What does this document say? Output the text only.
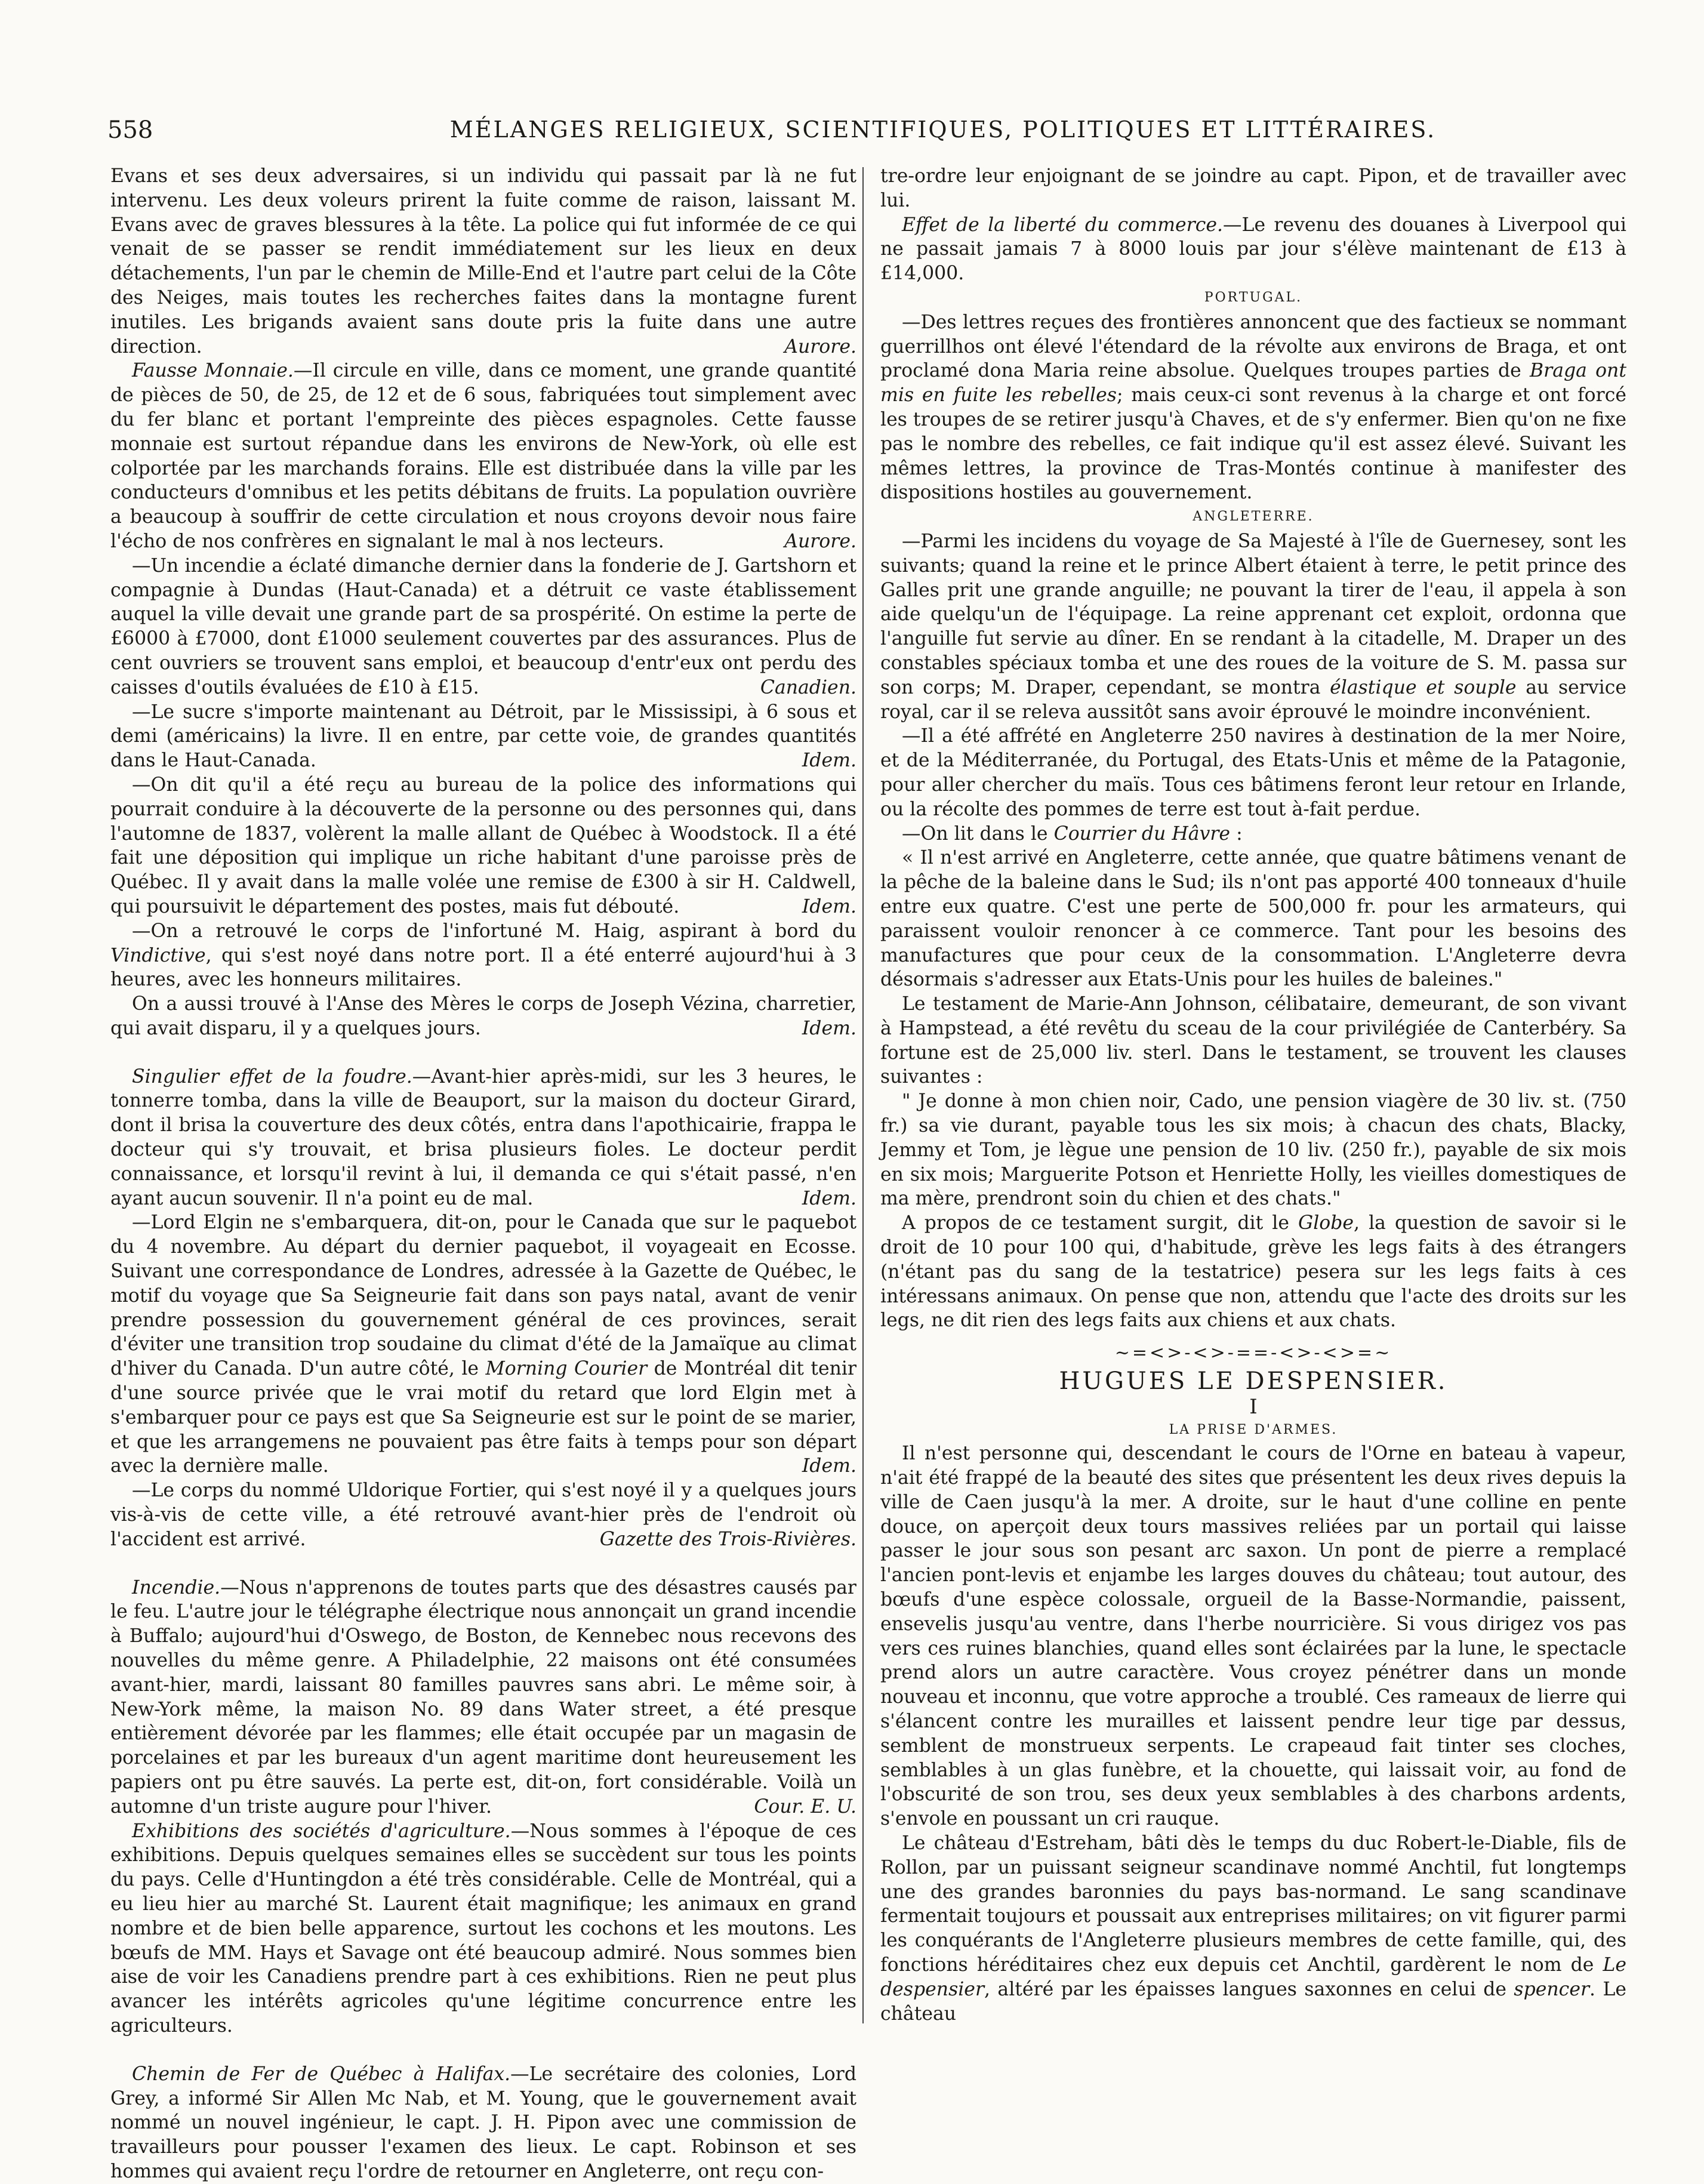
558	MÉLANGES RELIGIEUX, SCIENTIFIQUES, POLITIQUES ET LITTÉRAIRES.

Evans et ses deux adversaires, si un individu qui passait par là ne fut intervenu. Les deux voleurs prirent la fuite comme de raison, laissant M. Evans avec de graves blessures à la tête. La police qui fut informée de ce qui venait de se passer se rendit immédiatement sur les lieux en deux détachements, l'un par le chemin de Mille-End et l'autre part celui de la Côte des Neiges, mais toutes les recherches faites dans la montagne furent inutiles. Les brigands avaient sans doute pris la fuite dans une autre direction.	Aurore.

Fausse Monnaie.—Il circule en ville, dans ce moment, une grande quantité de pièces de 50, de 25, de 12 et de 6 sous, fabriquées tout simplement avec du fer blanc et portant l'empreinte des pièces espagnoles. Cette fausse monnaie est surtout répandue dans les environs de New-York, où elle est colportée par les marchands forains. Elle est distribuée dans la ville par les conducteurs d'omnibus et les petits débitans de fruits. La population ouvrière a beaucoup à souffrir de cette circulation et nous croyons devoir nous faire l'écho de nos confrères en signalant le mal à nos lecteurs.	Aurore.

—Un incendie a éclaté dimanche dernier dans la fonderie de J. Gartshorn et compagnie à Dundas (Haut-Canada) et a détruit ce vaste établissement auquel la ville devait une grande part de sa prospérité. On estime la perte de £6000 à £7000, dont £1000 seulement couvertes par des assurances. Plus de cent ouvriers se trouvent sans emploi, et beaucoup d'entr'eux ont perdu des caisses d'outils évaluées de £10 à £15.	Canadien.

—Le sucre s'importe maintenant au Détroit, par le Mississipi, à 6 sous et demi (américains) la livre. Il en entre, par cette voie, de grandes quantités dans le Haut-Canada.	Idem.

—On dit qu'il a été reçu au bureau de la police des informations qui pourrait conduire à la découverte de la personne ou des personnes qui, dans l'automne de 1837, volèrent la malle allant de Québec à Woodstock. Il a été fait une déposition qui implique un riche habitant d'une paroisse près de Québec. Il y avait dans la malle volée une remise de £300 à sir H. Caldwell, qui poursuivit le département des postes, mais fut débouté.	Idem.

—On a retrouvé le corps de l'infortuné M. Haig, aspirant à bord du Vindictive, qui s'est noyé dans notre port. Il a été enterré aujourd'hui à 3 heures, avec les honneurs militaires.

On a aussi trouvé à l'Anse des Mères le corps de Joseph Vézina, charretier, qui avait disparu, il y a quelques jours.	Idem.

Singulier effet de la foudre.—Avant-hier après-midi, sur les 3 heures, le tonnerre tomba, dans la ville de Beauport, sur la maison du docteur Girard, dont il brisa la couverture des deux côtés, entra dans l'apothicairie, frappa le docteur qui s'y trouvait, et brisa plusieurs fioles. Le docteur perdit connaissance, et lorsqu'il revint à lui, il demanda ce qui s'était passé, n'en ayant aucun souvenir. Il n'a point eu de mal.	Idem.

—Lord Elgin ne s'embarquera, dit-on, pour le Canada que sur le paquebot du 4 novembre. Au départ du dernier paquebot, il voyageait en Ecosse. Suivant une correspondance de Londres, adressée à la Gazette de Québec, le motif du voyage que Sa Seigneurie fait dans son pays natal, avant de venir prendre possession du gouvernement général de ces provinces, serait d'éviter une transition trop soudaine du climat d'été de la Jamaïque au climat d'hiver du Canada. D'un autre côté, le Morning Courier de Montréal dit tenir d'une source privée que le vrai motif du retard que lord Elgin met à s'embarquer pour ce pays est que Sa Seigneurie est sur le point de se marier, et que les arrangemens ne pouvaient pas être faits à temps pour son départ avec la dernière malle.	Idem.

—Le corps du nommé Uldorique Fortier, qui s'est noyé il y a quelques jours vis-à-vis de cette ville, a été retrouvé avant-hier près de l'endroit où l'accident est arrivé.	Gazette des Trois-Rivières.

Incendie.—Nous n'apprenons de toutes parts que des désastres causés par le feu. L'autre jour le télégraphe électrique nous annonçait un grand incendie à Buffalo; aujourd'hui d'Oswego, de Boston, de Kennebec nous recevons des nouvelles du même genre. A Philadelphie, 22 maisons ont été consumées avant-hier, mardi, laissant 80 familles pauvres sans abri. Le même soir, à New-York même, la maison No. 89 dans Water street, a été presque entièrement dévorée par les flammes; elle était occupée par un magasin de porcelaines et par les bureaux d'un agent maritime dont heureusement les papiers ont pu être sauvés. La perte est, dit-on, fort considérable. Voilà un automne d'un triste augure pour l'hiver.	Cour. E. U.

Exhibitions des sociétés d'agriculture.—Nous sommes à l'époque de ces exhibitions. Depuis quelques semaines elles se succèdent sur tous les points du pays. Celle d'Huntingdon a été très considérable. Celle de Montréal, qui a eu lieu hier au marché St. Laurent était magnifique; les animaux en grand nombre et de bien belle apparence, surtout les cochons et les moutons. Les bœufs de MM. Hays et Savage ont été beaucoup admiré. Nous sommes bien aise de voir les Canadiens prendre part à ces exhibitions. Rien ne peut plus avancer les intérêts agricoles qu'une légitime concurrence entre les agriculteurs.

Chemin de Fer de Québec à Halifax.—Le secrétaire des colonies, Lord Grey, a informé Sir Allen Mc Nab, et M. Young, que le gouvernement avait nommé un nouvel ingénieur, le capt. J. H. Pipon avec une commission de travailleurs pour pousser l'examen des lieux. Le capt. Robinson et ses hommes qui avaient reçu l'ordre de retourner en Angleterre, ont reçu con-

tre-ordre leur enjoignant de se joindre au capt. Pipon, et de travailler avec lui.

Effet de la liberté du commerce.—Le revenu des douanes à Liverpool qui ne passait jamais 7 à 8000 louis par jour s'élève maintenant de £13 à £14,000.

PORTUGAL.

—Des lettres reçues des frontières annoncent que des factieux se nommant guerrillhos ont élevé l'étendard de la révolte aux environs de Braga, et ont proclamé dona Maria reine absolue. Quelques troupes parties de Braga ont mis en fuite les rebelles; mais ceux-ci sont revenus à la charge et ont forcé les troupes de se retirer jusqu'à Chaves, et de s'y enfermer. Bien qu'on ne fixe pas le nombre des rebelles, ce fait indique qu'il est assez élevé. Suivant les mêmes lettres, la province de Tras-Montés continue à manifester des dispositions hostiles au gouvernement.

ANGLETERRE.

—Parmi les incidens du voyage de Sa Majesté à l'île de Guernesey, sont les suivants; quand la reine et le prince Albert étaient à terre, le petit prince des Galles prit une grande anguille; ne pouvant la tirer de l'eau, il appela à son aide quelqu'un de l'équipage. La reine apprenant cet exploit, ordonna que l'anguille fut servie au dîner. En se rendant à la citadelle, M. Draper un des constables spéciaux tomba et une des roues de la voiture de S. M. passa sur son corps; M. Draper, cependant, se montra élastique et souple au service royal, car il se releva aussitôt sans avoir éprouvé le moindre inconvénient.

—Il a été affrété en Angleterre 250 navires à destination de la mer Noire, et de la Méditerranée, du Portugal, des Etats-Unis et même de la Patagonie, pour aller chercher du maïs. Tous ces bâtimens feront leur retour en Irlande, ou la récolte des pommes de terre est tout à-fait perdue.

—On lit dans le Courrier du Hâvre :

« Il n'est arrivé en Angleterre, cette année, que quatre bâtimens venant de la pêche de la baleine dans le Sud; ils n'ont pas apporté 400 tonneaux d'huile entre eux quatre. C'est une perte de 500,000 fr. pour les armateurs, qui paraissent vouloir renoncer à ce commerce. Tant pour les besoins des manufactures que pour ceux de la consommation. L'Angleterre devra désormais s'adresser aux Etats-Unis pour les huiles de baleines."

Le testament de Marie-Ann Johnson, célibataire, demeurant, de son vivant à Hampstead, a été revêtu du sceau de la cour privilégiée de Canterbéry. Sa fortune est de 25,000 liv. sterl. Dans le testament, se trouvent les clauses suivantes :

" Je donne à mon chien noir, Cado, une pension viagère de 30 liv. st. (750 fr.) sa vie durant, payable tous les six mois; à chacun des chats, Blacky, Jemmy et Tom, je lègue une pension de 10 liv. (250 fr.), payable de six mois en six mois; Marguerite Potson et Henriette Holly, les vieilles domestiques de ma mère, prendront soin du chien et des chats."

A propos de ce testament surgit, dit le Globe, la question de savoir si le droit de 10 pour 100 qui, d'habitude, grève les legs faits à des étrangers (n'étant pas du sang de la testatrice) pesera sur les legs faits à ces intéressans animaux. On pense que non, attendu que l'acte des droits sur les legs, ne dit rien des legs faits aux chiens et aux chats.

~=<>-<>-==-<>-<>=~

HUGUES LE DESPENSIER.

I

LA PRISE D'ARMES.

Il n'est personne qui, descendant le cours de l'Orne en bateau à vapeur, n'ait été frappé de la beauté des sites que présentent les deux rives depuis la ville de Caen jusqu'à la mer. A droite, sur le haut d'une colline en pente douce, on aperçoit deux tours massives reliées par un portail qui laisse passer le jour sous son pesant arc saxon. Un pont de pierre a remplacé l'ancien pont-levis et enjambe les larges douves du château; tout autour, des bœufs d'une espèce colossale, orgueil de la Basse-Normandie, paissent, ensevelis jusqu'au ventre, dans l'herbe nourricière. Si vous dirigez vos pas vers ces ruines blanchies, quand elles sont éclairées par la lune, le spectacle prend alors un autre caractère. Vous croyez pénétrer dans un monde nouveau et inconnu, que votre approche a troublé. Ces rameaux de lierre qui s'élancent contre les murailles et laissent pendre leur tige par dessus, semblent de monstrueux serpents. Le crapeaud fait tinter ses cloches, semblables à un glas funèbre, et la chouette, qui laissait voir, au fond de l'obscurité de son trou, ses deux yeux semblables à des charbons ardents, s'envole en poussant un cri rauque.

Le château d'Estreham, bâti dès le temps du duc Robert-le-Diable, fils de Rollon, par un puissant seigneur scandinave nommé Anchtil, fut longtemps une des grandes baronnies du pays bas-normand. Le sang scandinave fermentait toujours et poussait aux entreprises militaires; on vit figurer parmi les conquérants de l'Angleterre plusieurs membres de cette famille, qui, des fonctions héréditaires chez eux depuis cet Anchtil, gardèrent le nom de Le despensier, altéré par les épaisses langues saxonnes en celui de spencer. Le château
